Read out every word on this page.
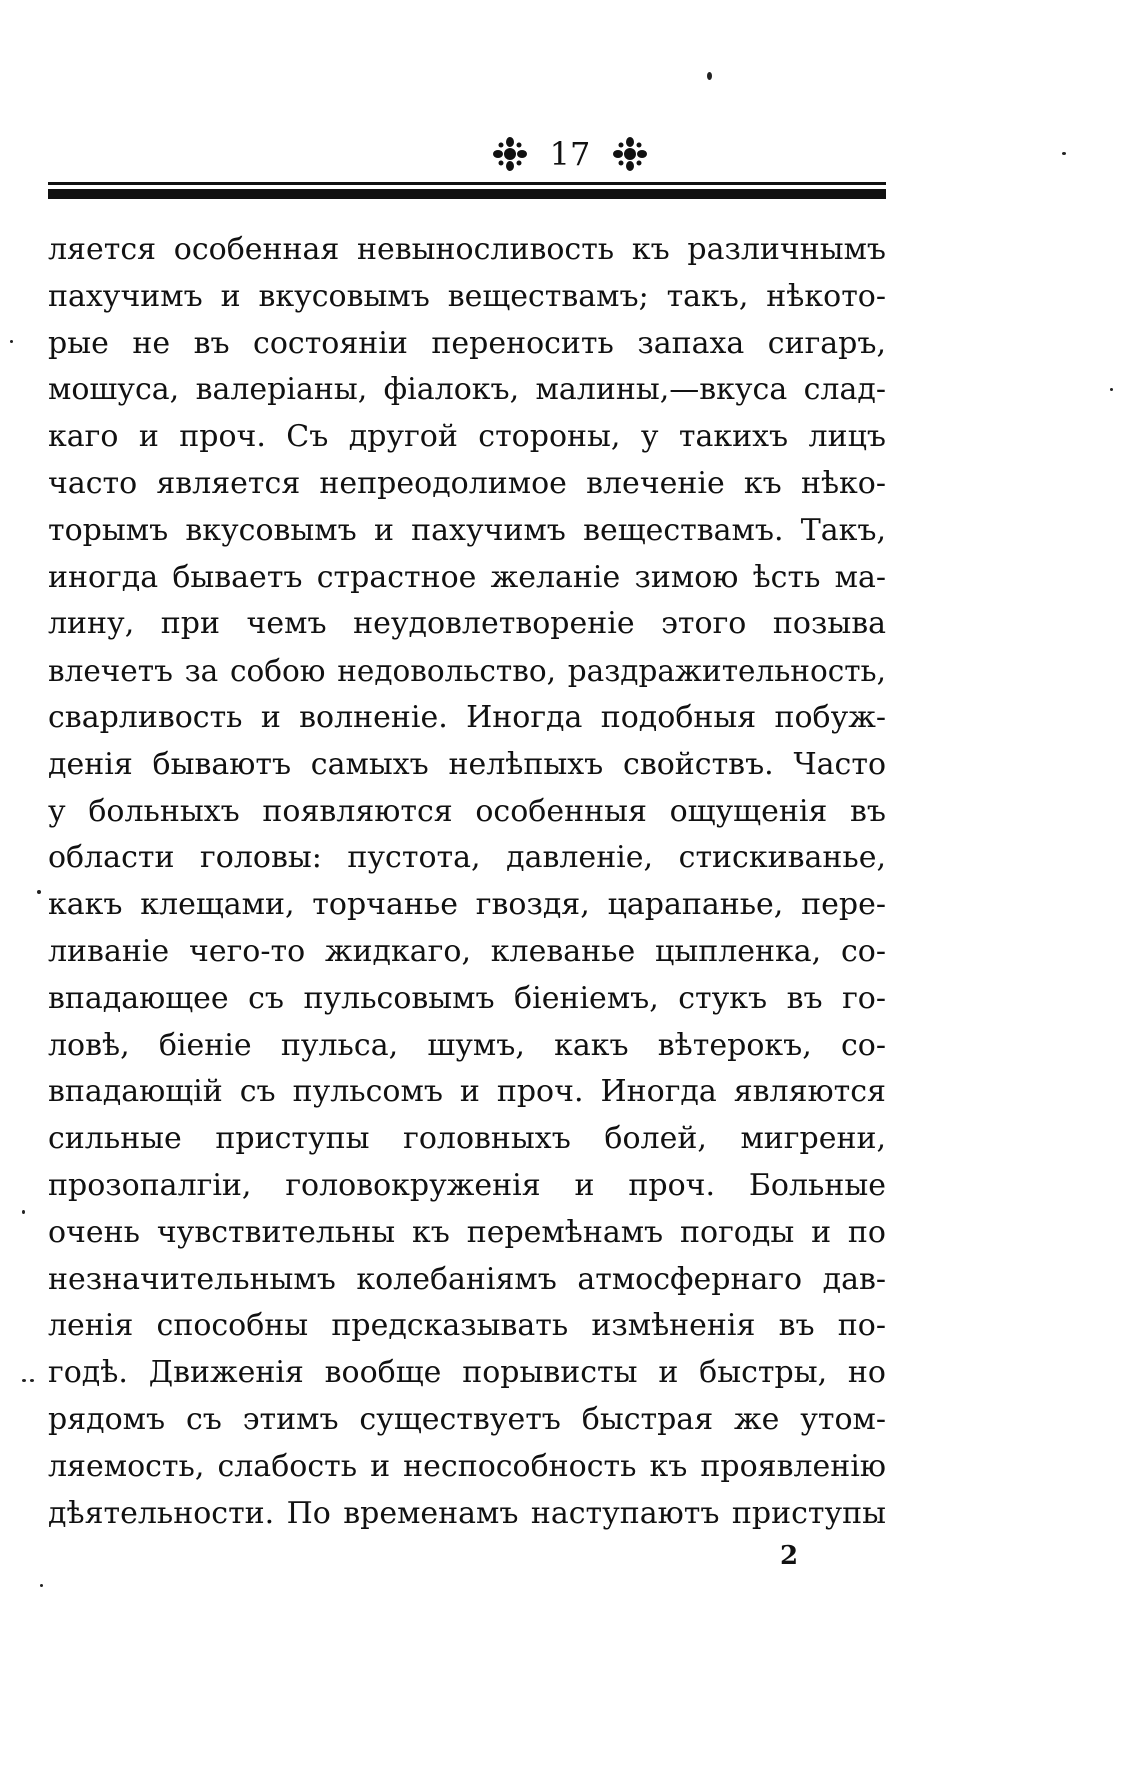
17
ляется особенная невыносливость къ различнымъ
пахучимъ и вкусовымъ веществамъ; такъ, нѣкото-
рые не въ состояніи переносить запаха сигаръ,
мошуса, валеріаны, фіалокъ, малины,—вкуса слад-
каго и проч. Съ другой стороны, у такихъ лицъ
часто является непреодолимое влеченіе къ нѣко-
торымъ вкусовымъ и пахучимъ веществамъ. Такъ,
иногда бываетъ страстное желаніе зимою ѣсть ма-
лину, при чемъ неудовлетвореніе этого позыва
влечетъ за собою недовольство, раздражительность,
сварливость и волненіе. Иногда подобныя побуж-
денія бываютъ самыхъ нелѣпыхъ свойствъ. Часто
у больныхъ появляются особенныя ощущенія въ
области головы: пустота, давленіе, стискиванье,
какъ клещами, торчанье гвоздя, царапанье, пере-
ливаніе чего-то жидкаго, клеванье цыпленка, со-
впадающее съ пульсовымъ біеніемъ, стукъ въ го-
ловѣ, біеніе пульса, шумъ, какъ вѣтерокъ, со-
впадающій съ пульсомъ и проч. Иногда являются
сильные приступы головныхъ болей, мигрени,
прозопалгіи, головокруженія и проч. Больные
очень чувствительны къ перемѣнамъ погоды и по
незначительнымъ колебаніямъ атмосфернаго дав-
ленія способны предсказывать измѣненія въ по-
годѣ. Движенія вообще порывисты и быстры, но
рядомъ съ этимъ существуетъ быстрая же утом-
ляемость, слабость и неспособность къ проявленію
дѣятельности. По временамъ наступаютъ приступы
2
